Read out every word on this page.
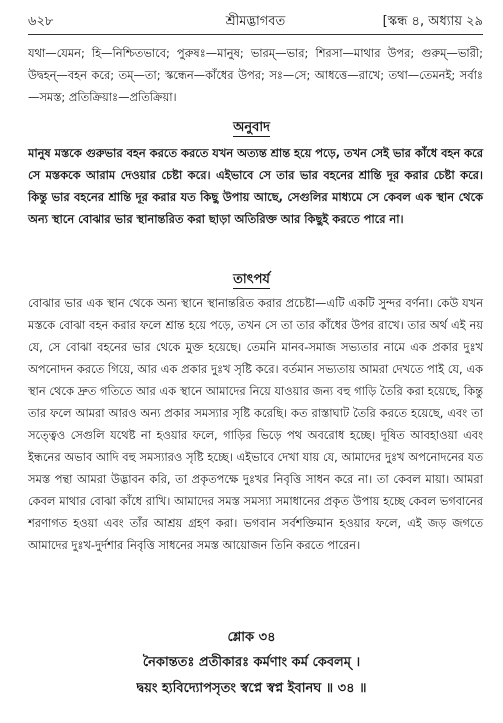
৬২৮	শ্রীমদ্ভাগবত	[স্কন্ধ ৪, অধ্যায় ২৯
যথা—যেমন; হি—নিশ্চিতভাবে; পুরুষঃ—মানুষ; ভারম্—ভার; শিরসা—মাথার উপর; গুরুম্—ভারী; উদ্বহন্—বহন করে; তম্—তা; স্কন্ধেন—কাঁধের উপর; সঃ—সে; আধত্তে—রাখে; তথা—তেমনই; সর্বাঃ—সমস্ত; প্রতিক্রিয়াঃ—প্রতিক্রিয়া।
অনুবাদ
মানুষ মস্তকে গুরুভার বহন করতে করতে যখন অত্যন্ত শ্রান্ত হয়ে পড়ে, তখন সেই ভার কাঁধে বহন করে সে মস্তককে আরাম দেওয়ার চেষ্টা করে। এইভাবে সে তার ভার বহনের শ্রান্তি দূর করার চেষ্টা করে। কিন্তু ভার বহনের শ্রান্তি দূর করার যত কিছু উপায় আছে, সেগুলির মাধ্যমে সে কেবল এক স্থান থেকে অন্য স্থানে বোঝার ভার স্থানান্তরিত করা ছাড়া অতিরিক্ত আর কিছুই করতে পারে না।
তাৎপর্য
বোঝার ভার এক স্থান থেকে অন্য স্থানে স্থানান্তরিত করার প্রচেষ্টা—এটি একটি সুন্দর বর্ণনা। কেউ যখন মস্তকে বোঝা বহন করার ফলে শ্রান্ত হয়ে পড়ে, তখন সে তা তার কাঁধের উপর রাখে। তার অর্থ এই নয় যে, সে বোঝা বহনের ভার থেকে মুক্ত হয়েছে। তেমনি মানব-সমাজ সভ্যতার নামে এক প্রকার দুঃখ অপনোদন করতে গিয়ে, আর এক প্রকার দুঃখ সৃষ্টি করে। বর্তমান সভ্যতায় আমরা দেখতে পাই যে, এক স্থান থেকে দ্রুত গতিতে আর এক স্থানে আমাদের নিয়ে যাওয়ার জন্য বহু গাড়ি তৈরি করা হয়েছে, কিন্তু তার ফলে আমরা আরও অন্য প্রকার সমস্যার সৃষ্টি করেছি। কত রাস্তাঘাট তৈরি করতে হয়েছে, এবং তা সত্ত্বেও সেগুলি যথেষ্ট না হওয়ার ফলে, গাড়ির ভিড়ে পথ অবরোধ হচ্ছে। দূষিত আবহাওয়া এবং ইন্ধনের অভাব আদি বহু সমস্যারও সৃষ্টি হচ্ছে। এইভাবে দেখা যায় যে, আমাদের দুঃখ অপনোদনের যত সমস্ত পন্থা আমরা উদ্ভাবন করি, তা প্রকৃতপক্ষে দুঃখর নিবৃত্তি সাধন করে না। তা কেবল মায়া। আমরা কেবল মাথার বোঝা কাঁধে রাখি। আমাদের সমস্ত সমস্যা সমাধানের প্রকৃত উপায় হচ্ছে কেবল ভগবানের শরণাগত হওয়া এবং তাঁর আশ্রয় গ্রহণ করা। ভগবান সর্বশক্তিমান হওয়ার ফলে, এই জড় জগতে আমাদের দুঃখ-দুর্দশার নিবৃত্তি সাধনের সমস্ত আয়োজন তিনি করতে পারেন।
শ্লোক ৩৪
নৈকান্ততঃ প্রতীকারঃ কর্মণাং কর্ম কেবলম্ ।
দ্বয়ং হ্যবিদ্যোপসৃতং স্বপ্নে স্বপ্ন ইবানঘ ॥ ৩৪ ॥
